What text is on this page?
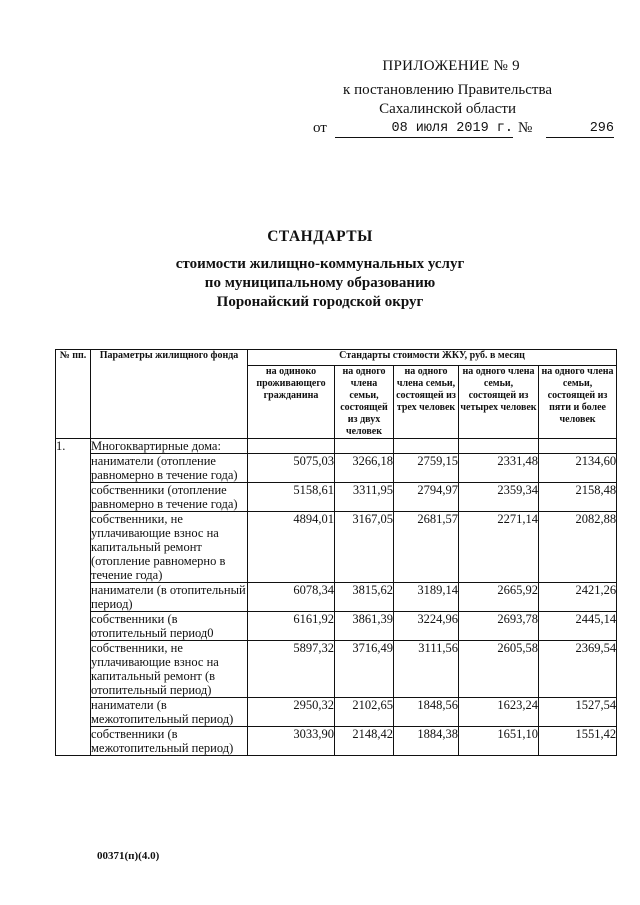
ПРИЛОЖЕНИЕ № 9
к постановлению Правительства
Сахалинской области
от	08 июля 2019 г. №	296
СТАНДАРТЫ
стоимости жилищно-коммунальных услуг по муниципальному образованию Поронайский городской округ
№ пп.	Параметры жилищного фонда	Стандарты стоимости ЖКУ, руб. в месяц				
		на одиноко проживающего гражданина	на одного члена семьи, состоящей из двух человек	на одного члена семьи, состоящей из трех человек	на одного члена семьи, состоящей из четырех человек	на одного члена семьи, состоящей из пяти и более человек
1.	Многоквартирные дома:					
	наниматели (отопление равномерно в течение года)	5075,03	3266,18	2759,15	2331,48	2134,60
	собственники (отопление равномерно в течение года)	5158,61	3311,95	2794,97	2359,34	2158,48
	собственники, не уплачивающие взнос на капитальный ремонт (отопление равномерно в течение года)	4894,01	3167,05	2681,57	2271,14	2082,88
	наниматели (в отопительный период)	6078,34	3815,62	3189,14	2665,92	2421,26
	собственники (в отопительный период0	6161,92	3861,39	3224,96	2693,78	2445,14
	собственники, не уплачивающие взнос на капитальный ремонт (в отопительный период)	5897,32	3716,49	3111,56	2605,58	2369,54
	наниматели (в межотопительный период)	2950,32	2102,65	1848,56	1623,24	1527,54
	собственники (в межотопительный период)	3033,90	2148,42	1884,38	1651,10	1551,42
00371(п)(4.0)
